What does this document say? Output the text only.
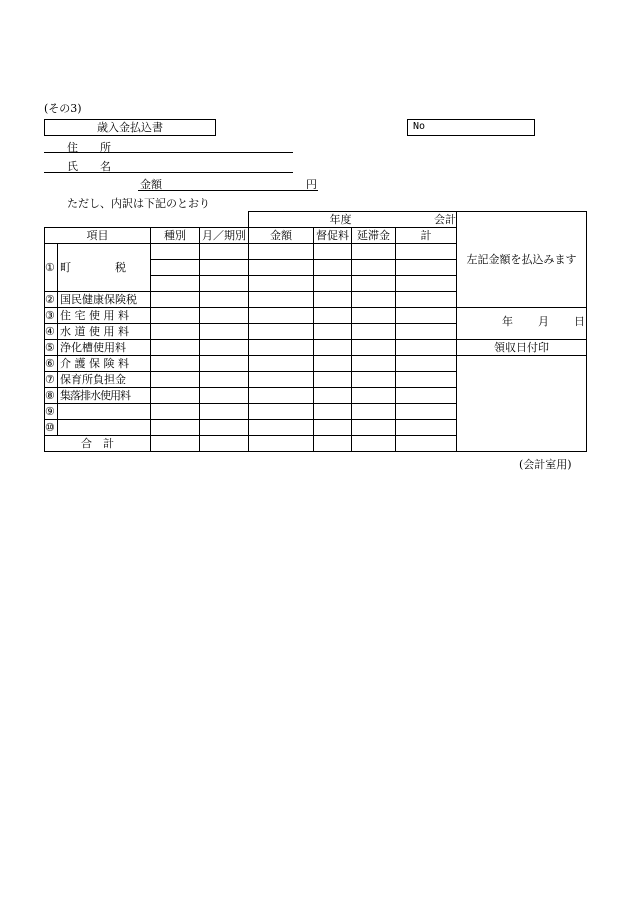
(その3)
歳入金払込書	No
住　　所
氏　　名
金額	円
ただし、内訳は下記のとおり
				年度		会計		左記金額を払込みます
項目		種別	月／期別	金額	督促料	延滞金	計	
①	町　　　　税							

②	国民健康保険税							
③	住 宅 使 用 料							年 月 日

④	水 道 使 用 料							
⑤	浄化槽使用料							領収日付印
⑥	介 護 保 険 料							
⑦	保育所負担金							
⑧	集落排水使用料							
⑨								
⑩								
合　計								
(会計室用)
